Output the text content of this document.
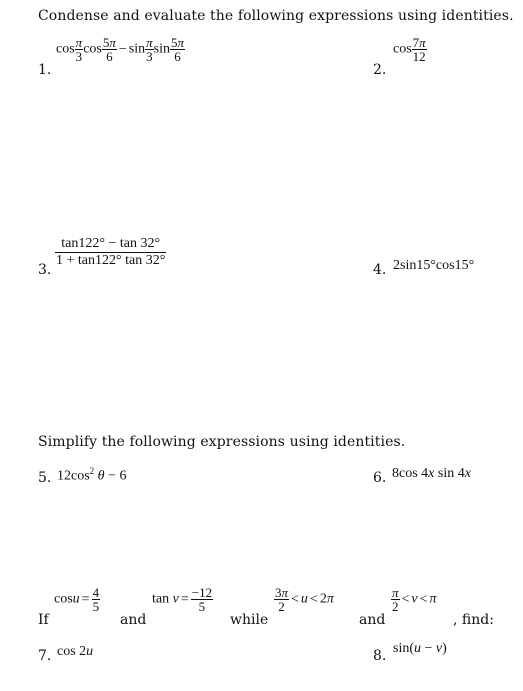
Condense and evaluate the following expressions using identities.
1.
$\cos \frac{\pi}{3}$ $\cos \frac{5\pi}{6} - \sin \frac{\pi}{3}$ $\sin \frac{5\pi}{6}$
2.
$\cos \frac{7\pi}{12}$
3.
$\frac{\tan 122^\circ - \tan 32^\circ}{1 + \tan 122^\circ \tan 32^\circ}$
4. 2sin15°cos15°
Simplify the following expressions using identities.
5. $12\cos^2$ θ − 6	6. 8cos 4x sin 4x
If
$\cos u = \frac{4}{5}$
and
$\tan v = \frac{-12}{5}$
while
$\frac{3\pi}{2} < u < 2\pi$
and
$\frac{\pi}{2} < v < \pi$
, find:
7. cos 2u	8. sin(u − v)
